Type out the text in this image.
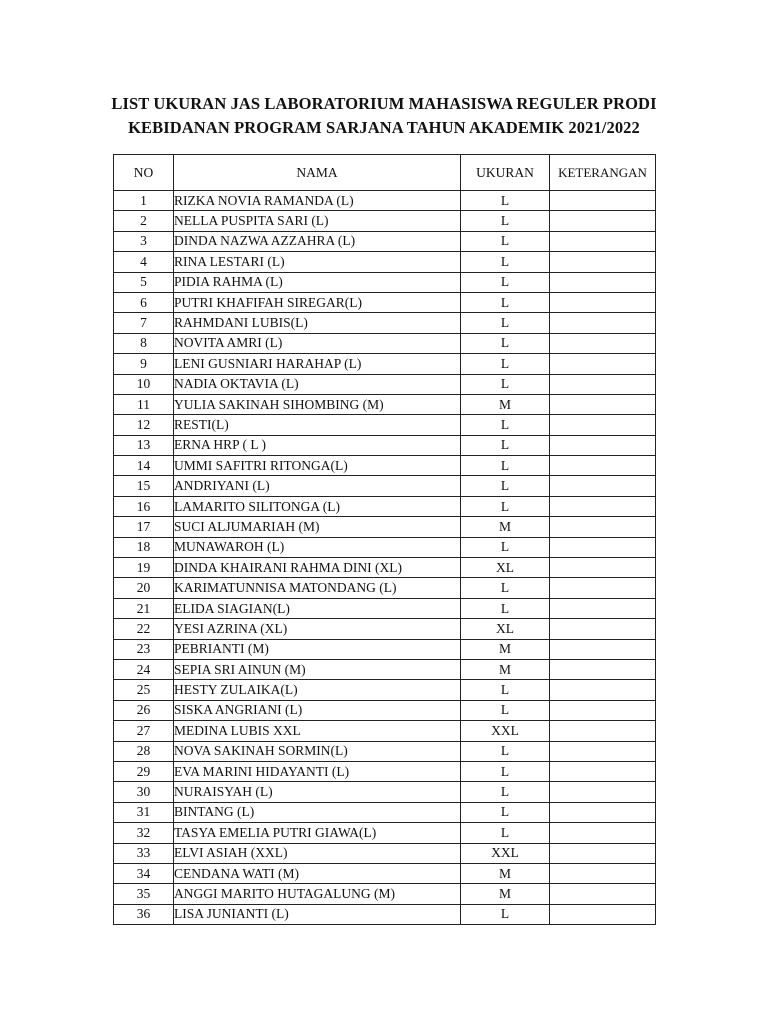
LIST UKURAN JAS LABORATORIUM MAHASISWA REGULER PRODI
KEBIDANAN PROGRAM SARJANA TAHUN AKADEMIK 2021/2022
NO	NAMA	UKURAN	KETERANGAN
1	RIZKA NOVIA RAMANDA (L)	L	
2	NELLA PUSPITA SARI (L)	L	
3	DINDA NAZWA AZZAHRA (L)	L	
4	RINA LESTARI (L)	L	
5	PIDIA RAHMA (L)	L	
6	PUTRI KHAFIFAH SIREGAR(L)	L	
7	RAHMDANI LUBIS(L)	L	
8	NOVITA AMRI (L)	L	
9	LENI GUSNIARI HARAHAP (L)	L	
10	NADIA OKTAVIA (L)	L	
11	YULIA SAKINAH SIHOMBING (M)	M	
12	RESTI(L)	L	
13	ERNA HRP ( L )	L	
14	UMMI SAFITRI RITONGA(L)	L	
15	ANDRIYANI (L)	L	
16	LAMARITO SILITONGA (L)	L	
17	SUCI ALJUMARIAH (M)	M	
18	MUNAWAROH (L)	L	
19	DINDA KHAIRANI RAHMA DINI (XL)	XL	
20	KARIMATUNNISA MATONDANG (L)	L	
21	ELIDA SIAGIAN(L)	L	
22	YESI AZRINA (XL)	XL	
23	PEBRIANTI (M)	M	
24	SEPIA SRI AINUN (M)	M	
25	HESTY ZULAIKA(L)	L	
26	SISKA ANGRIANI (L)	L	
27	MEDINA LUBIS XXL	XXL	
28	NOVA SAKINAH SORMIN(L)	L	
29	EVA MARINI HIDAYANTI (L)	L	
30	NURAISYAH (L)	L	
31	BINTANG (L)	L	
32	TASYA EMELIA PUTRI GIAWA(L)	L	
33	ELVI ASIAH (XXL)	XXL	
34	CENDANA WATI (M)	M	
35	ANGGI MARITO HUTAGALUNG (M)	M	
36	LISA JUNIANTI (L)	L	
